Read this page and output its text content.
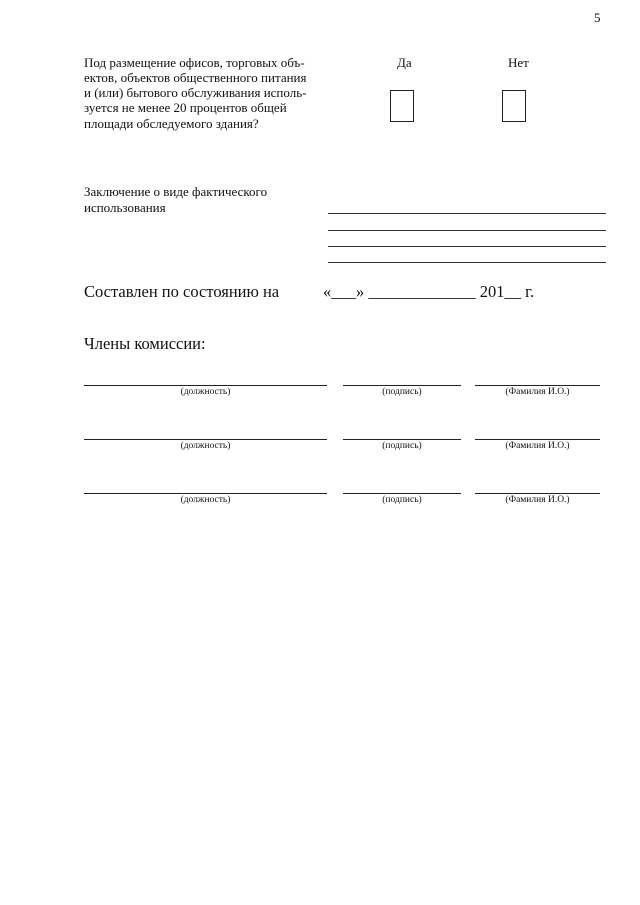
5
Под размещение офисов, торговых объ-
ектов, объектов общественного питания
и (или) бытового обслуживания исполь-
зуется не менее 20 процентов общей
площади обследуемого здания?
Да	Нет
Заключение о виде фактического
использования
Составлен по состоянию на	«___» _____________ 201__ г.
Члены комиссии:
(должность)	(подпись)	(Фамилия И.О.)
(должность)	(подпись)	(Фамилия И.О.)
(должность)	(подпись)	(Фамилия И.О.)
